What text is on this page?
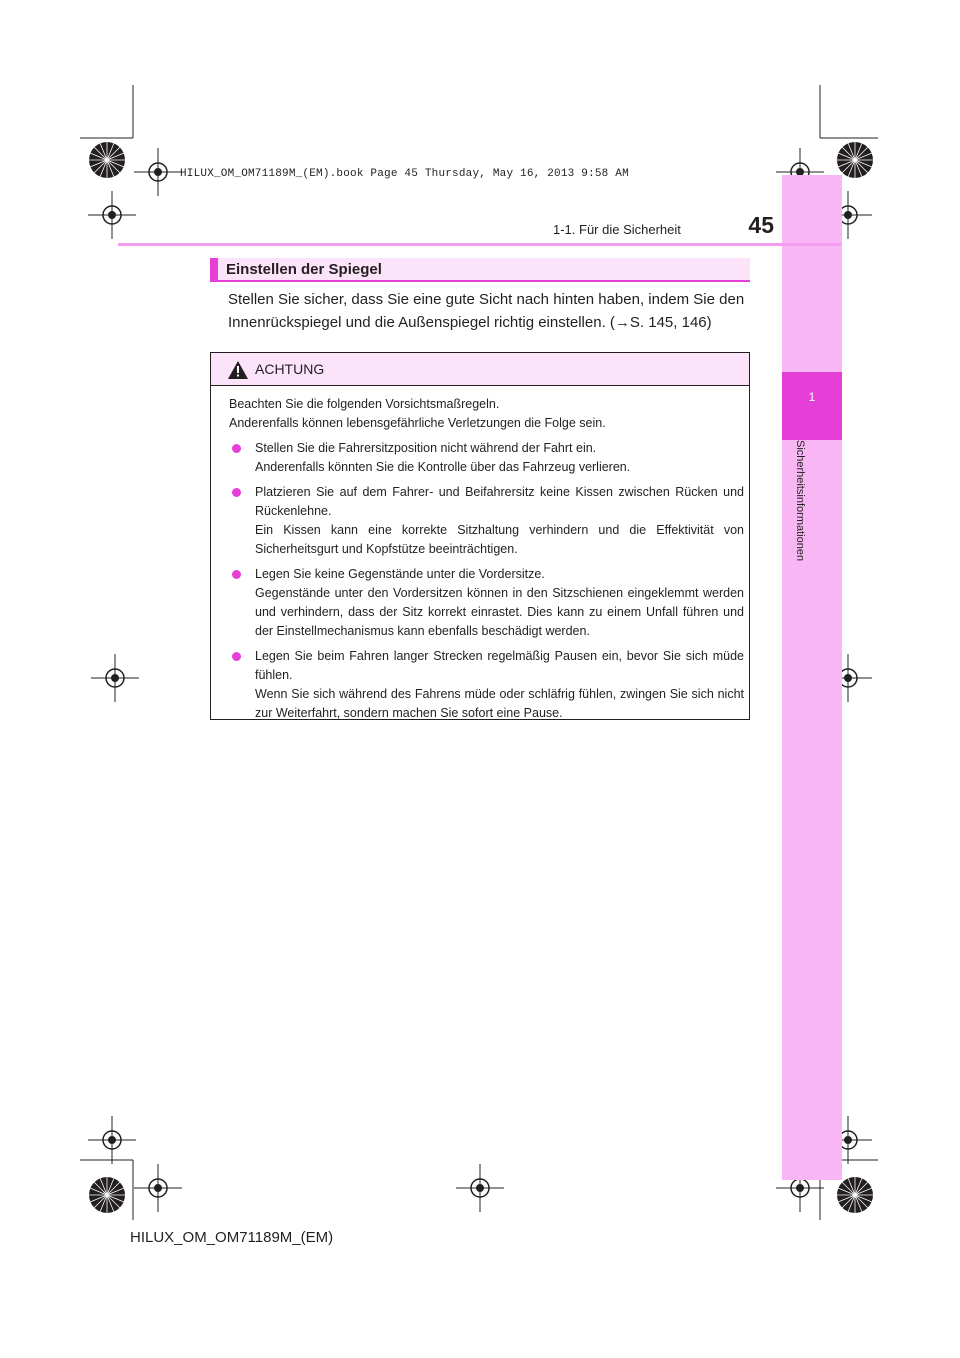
HILUX_OM_OM71189M_(EM).book Page 45 Thursday, May 16, 2013 9:58 AM
1
Sicherheitsinformationen
1-1. Für die Sicherheit	45
Einstellen der Spiegel
Stellen Sie sicher, dass Sie eine gute Sicht nach hinten haben, indem Sie den Innenrückspiegel und die Außenspiegel richtig einstellen. (→S. 145, 146)
ACHTUNG

Beachten Sie die folgenden Vorsichtsmaßregeln.
Anderenfalls können lebensgefährliche Verletzungen die Folge sein.

Stellen Sie die Fahrersitzposition nicht während der Fahrt ein.
Anderenfalls könnten Sie die Kontrolle über das Fahrzeug verlieren.
Platzieren Sie auf dem Fahrer- und Beifahrersitz keine Kissen zwischen Rücken und Rückenlehne.
Ein Kissen kann eine korrekte Sitzhaltung verhindern und die Effektivität von Sicherheitsgurt und Kopfstütze beeinträchtigen.
Legen Sie keine Gegenstände unter die Vordersitze.
Gegenstände unter den Vordersitzen können in den Sitzschienen eingeklemmt werden und verhindern, dass der Sitz korrekt einrastet. Dies kann zu einem Unfall führen und der Einstellmechanismus kann ebenfalls beschädigt werden.
Legen Sie beim Fahren langer Strecken regelmäßig Pausen ein, bevor Sie sich müde fühlen.
Wenn Sie sich während des Fahrens müde oder schläfrig fühlen, zwingen Sie sich nicht zur Weiterfahrt, sondern machen Sie sofort eine Pause.
HILUX_OM_OM71189M_(EM)
